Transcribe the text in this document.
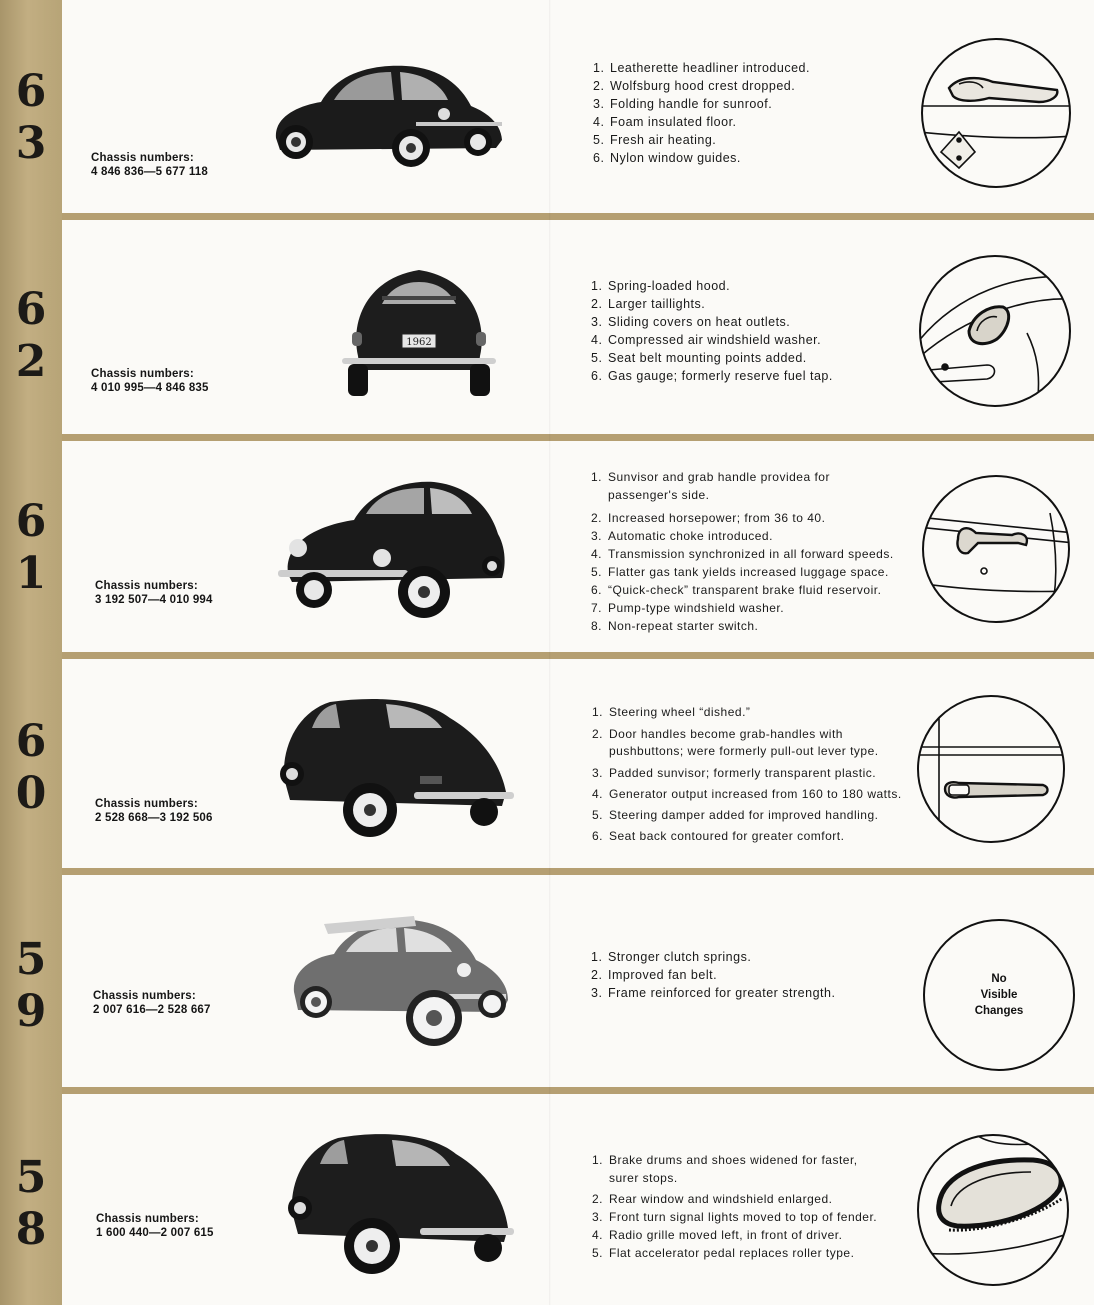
6
3
6
2
6
1
6
0
5
9
5
8
Chassis numbers:
4 846 836—5 677 118
Chassis numbers:
4 010 995—4 846 835
Chassis numbers:
3 192 507—4 010 994
Chassis numbers:
2 528 668—3 192 506
Chassis numbers:
2 007 616—2 528 667
Chassis numbers:
1 600 440—2 007 615
1962
1. Leatherette headliner introduced.
2. Wolfsburg hood crest dropped.
3. Folding handle for sunroof.
4. Foam insulated floor.
5. Fresh air heating.
6. Nylon window guides.
1. Spring-loaded hood.
2. Larger taillights.
3. Sliding covers on heat outlets.
4. Compressed air windshield washer.
5. Seat belt mounting points added.
6. Gas gauge; formerly reserve fuel tap.
1. Sunvisor and grab handle providea for passenger's side.
2. Increased horsepower; from 36 to 40.
3. Automatic choke introduced.
4. Transmission synchronized in all forward speeds.
5. Flatter gas tank yields increased luggage space.
6. “Quick-check” transparent brake fluid reservoir.
7. Pump-type windshield washer.
8. Non-repeat starter switch.
1. Steering wheel “dished.”
2. Door handles become grab-handles with pushbuttons; were formerly pull-out lever type.
3. Padded sunvisor; formerly transparent plastic.
4. Generator output increased from 160 to 180 watts.
5. Steering damper added for improved handling.
6. Seat back contoured for greater comfort.
1. Stronger clutch springs.
2. Improved fan belt.
3. Frame reinforced for greater strength.
1. Brake drums and shoes widened for faster, surer stops.
2. Rear window and windshield enlarged.
3. Front turn signal lights moved to top of fender.
4. Radio grille moved left, in front of driver.
5. Flat accelerator pedal replaces roller type.
No
Visible
Changes
